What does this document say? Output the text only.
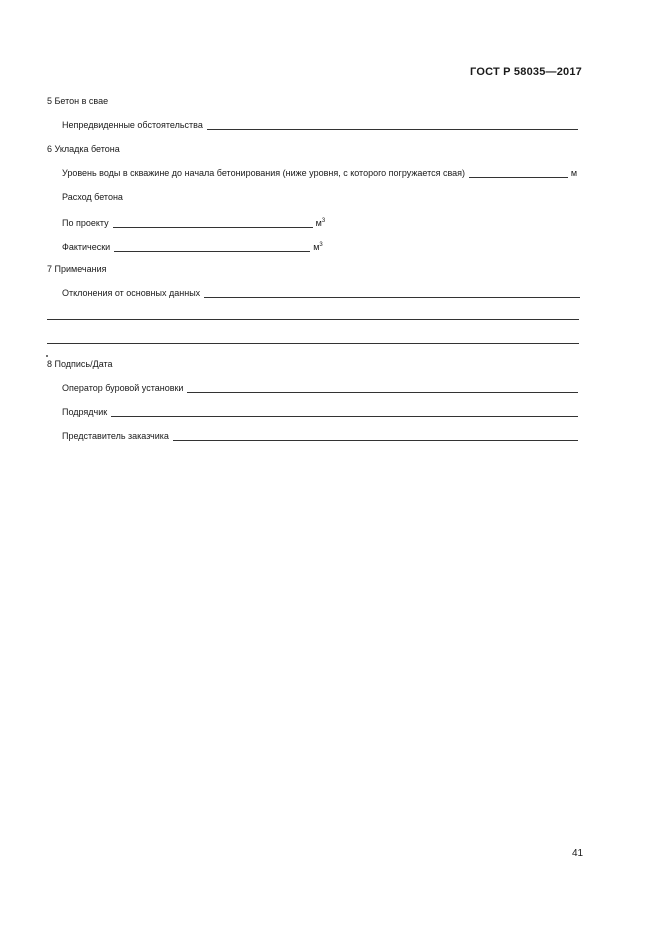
ГОСТ Р 58035—2017
5 Бетон в свае
Непредвиденные обстоятельства
6 Укладка бетона
Уровень воды в скважине до начала бетонирования (ниже уровня, с которого погружается свая)	м
Расход бетона
По проекту	$м^3$
Фактически	$м^3$
7 Примечания
Отклонения от основных данных
8 Подпись/Дата
Оператор буровой установки
Подрядчик
Представитель заказчика
41
